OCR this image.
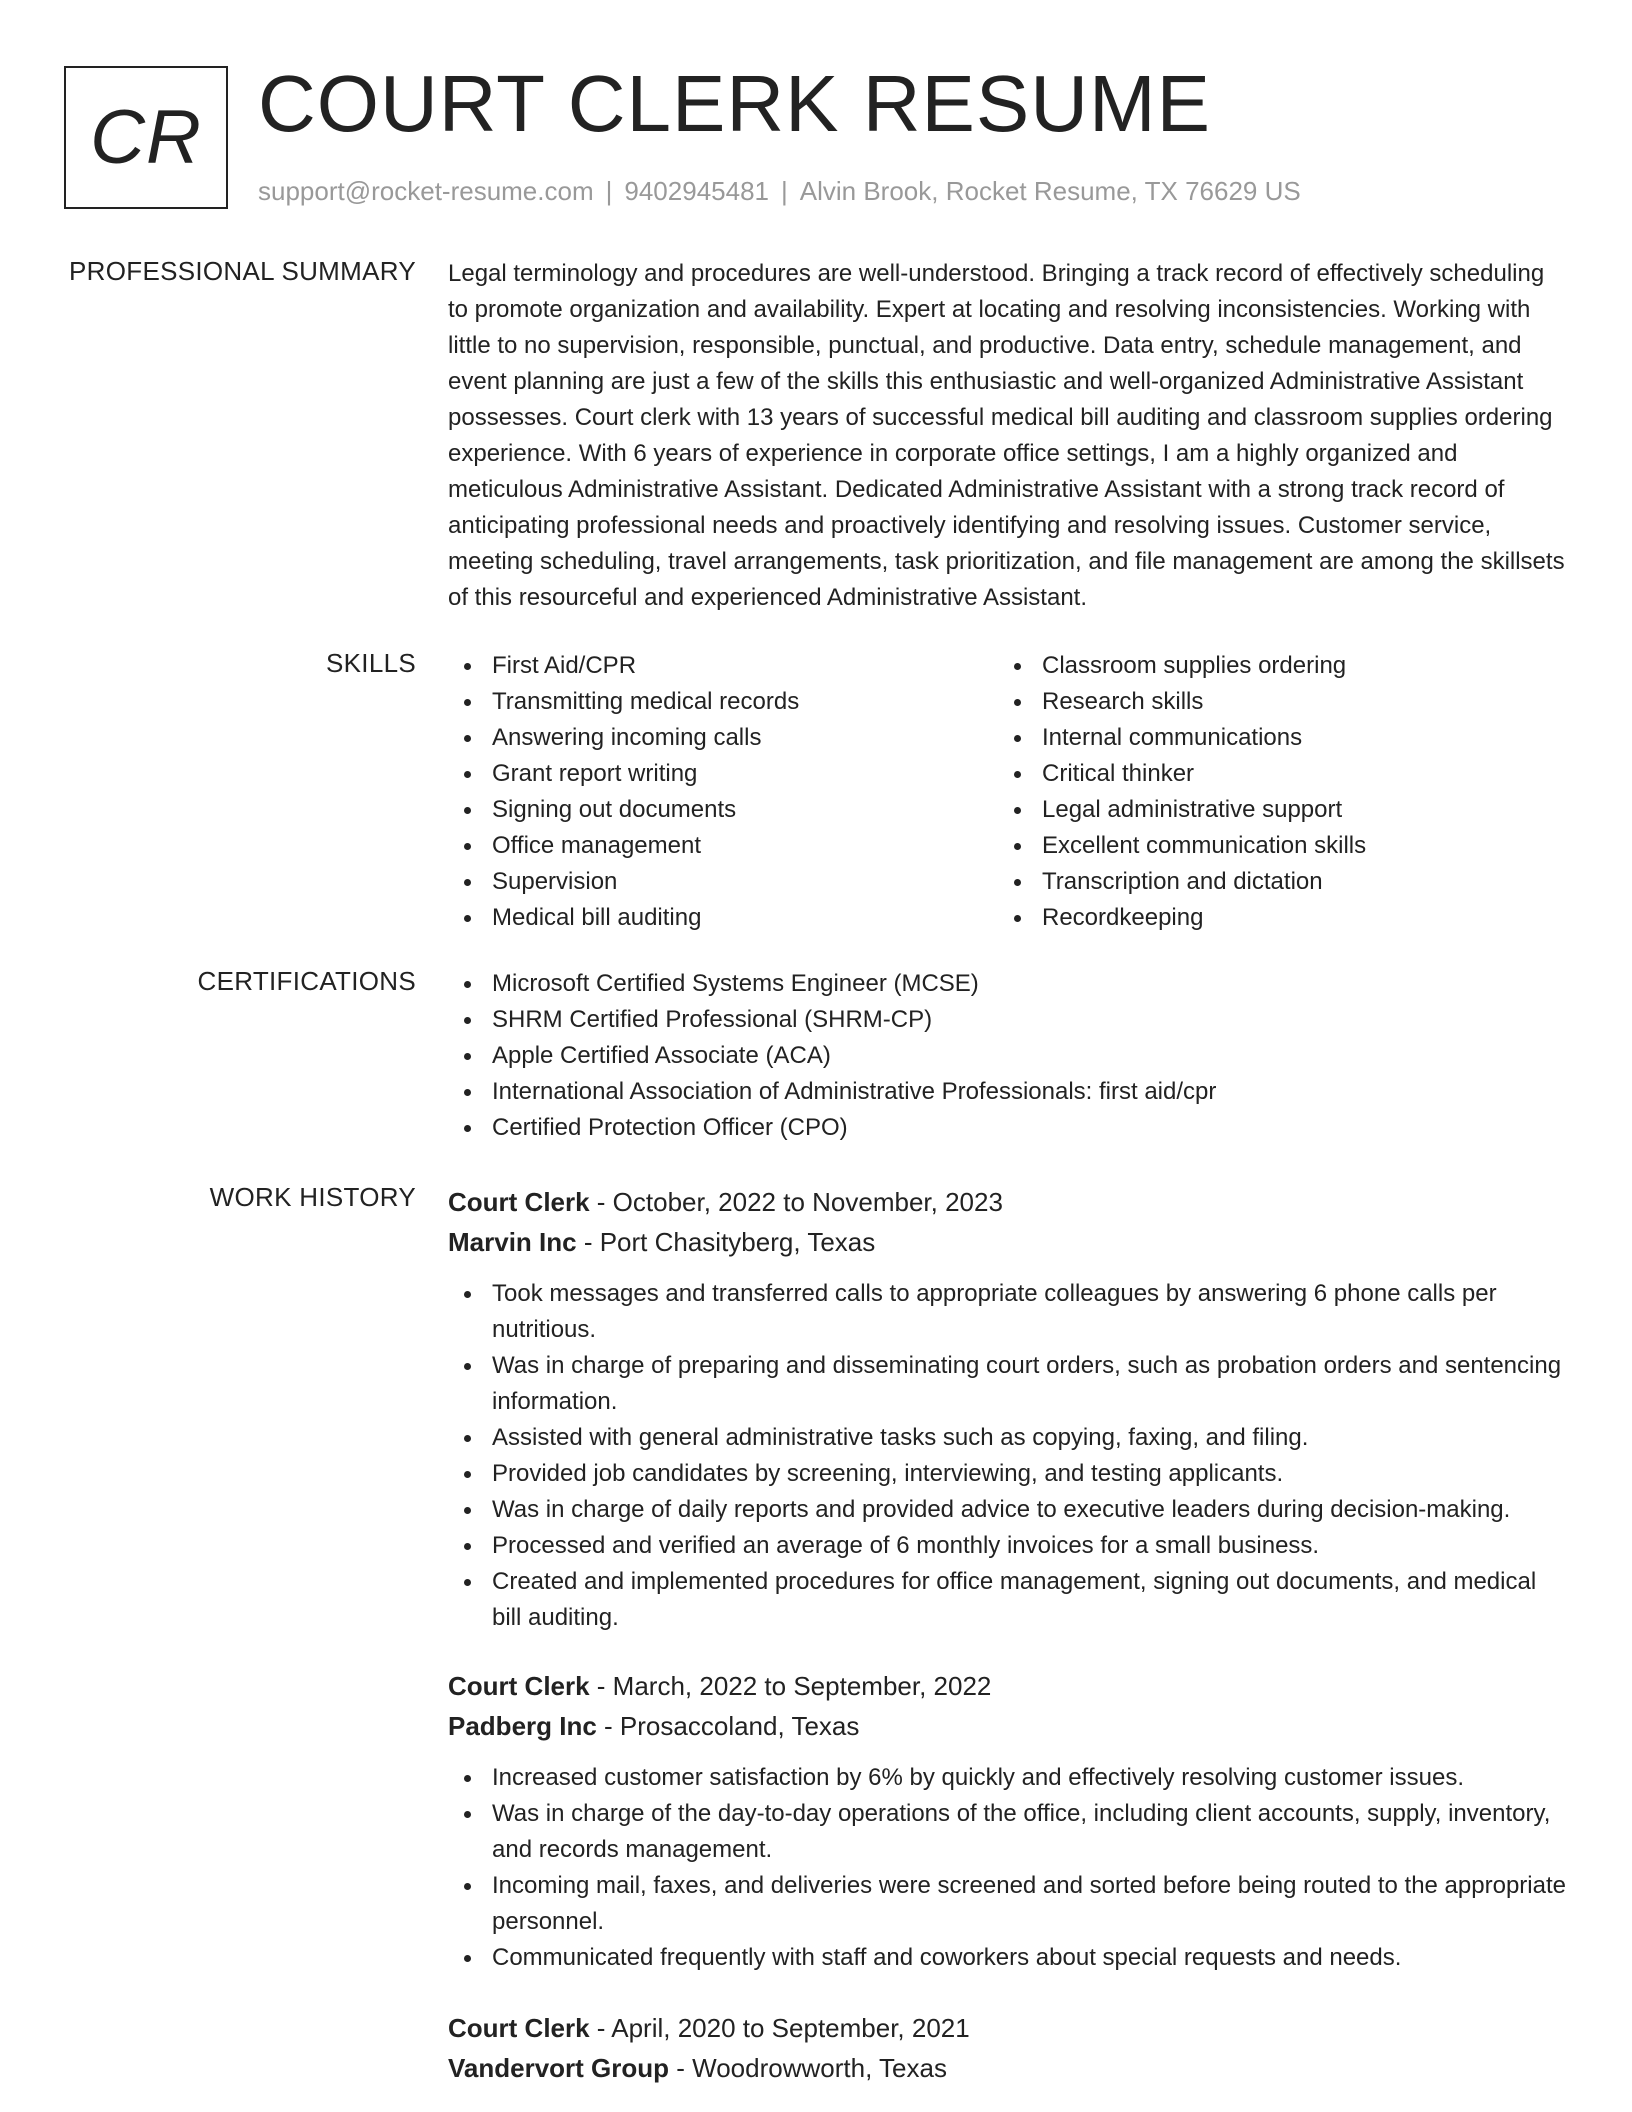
CR COURT CLERK RESUME
support@rocket-resume.com | 9402945481 | Alvin Brook, Rocket Resume, TX 76629 US
PROFESSIONAL SUMMARY Legal terminology and procedures are well-understood. Bringing a track record of effectively scheduling to promote organization and availability. Expert at locating and resolving inconsistencies. Working with little to no supervision, responsible, punctual, and productive. Data entry, schedule management, and event planning are just a few of the skills this enthusiastic and well-organized Administrative Assistant possesses. Court clerk with 13 years of successful medical bill auditing and classroom supplies ordering experience. With 6 years of experience in corporate office settings, I am a highly organized and meticulous Administrative Assistant. Dedicated Administrative Assistant with a strong track record of anticipating professional needs and proactively identifying and resolving issues. Customer service, meeting scheduling, travel arrangements, task prioritization, and file management are among the skillsets of this resourceful and experienced Administrative Assistant.

SKILLS	First Aid/CPR
Transmitting medical records
Answering incoming calls
Grant report writing
Signing out documents
Office management
Supervision
Medical bill auditing
Classroom supplies ordering
Research skills
Internal communications
Critical thinker
Legal administrative support
Excellent communication skills
Transcription and dictation
Recordkeeping
CERTIFICATIONS	Microsoft Certified Systems Engineer (MCSE)
SHRM Certified Professional (SHRM-CP)
Apple Certified Associate (ACA)
International Association of Administrative Professionals: first aid/cpr
Certified Protection Officer (CPO)
WORK HISTORY Court Clerk - October, 2022 to November, 2023
Marvin Inc - Port Chasityberg, Texas
Took messages and transferred calls to appropriate colleagues by answering 6 phone calls per nutritious.
Was in charge of preparing and disseminating court orders, such as probation orders and sentencing information.
Assisted with general administrative tasks such as copying, faxing, and filing.
Provided job candidates by screening, interviewing, and testing applicants.
Was in charge of daily reports and provided advice to executive leaders during decision-making.
Processed and verified an average of 6 monthly invoices for a small business.
Created and implemented procedures for office management, signing out documents, and medical bill auditing.
Court Clerk - March, 2022 to September, 2022
Padberg Inc - Prosaccoland, Texas
Increased customer satisfaction by 6% by quickly and effectively resolving customer issues.
Was in charge of the day-to-day operations of the office, including client accounts, supply, inventory, and records management.
Incoming mail, faxes, and deliveries were screened and sorted before being routed to the appropriate personnel.
Communicated frequently with staff and coworkers about special requests and needs.
Court Clerk - April, 2020 to September, 2021
Vandervort Group - Woodrowworth, Texas
